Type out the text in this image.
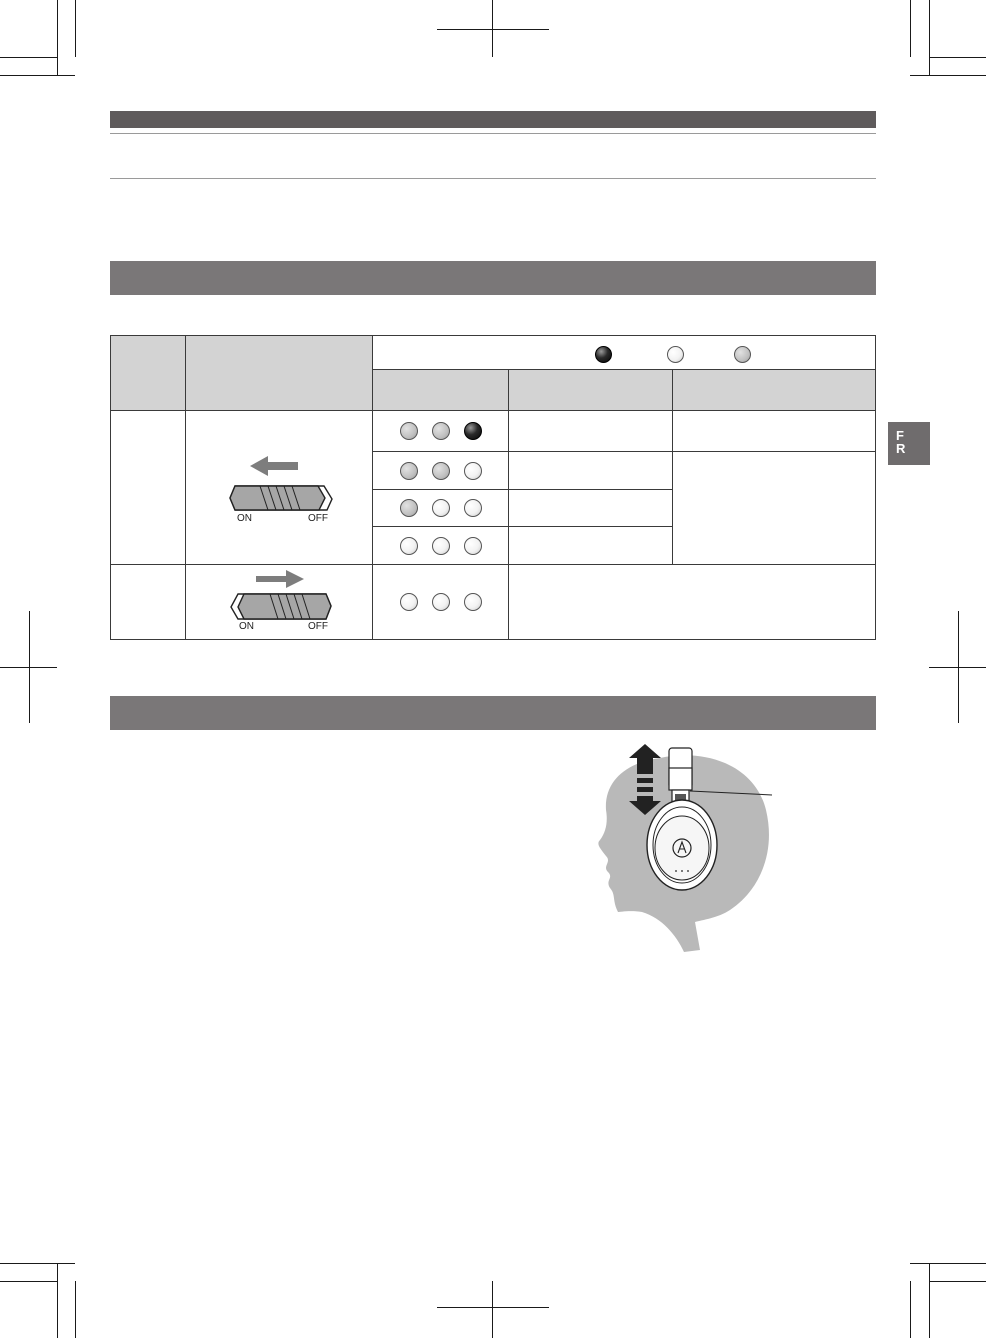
F
R

	ON OFF			

	ON OFF			
